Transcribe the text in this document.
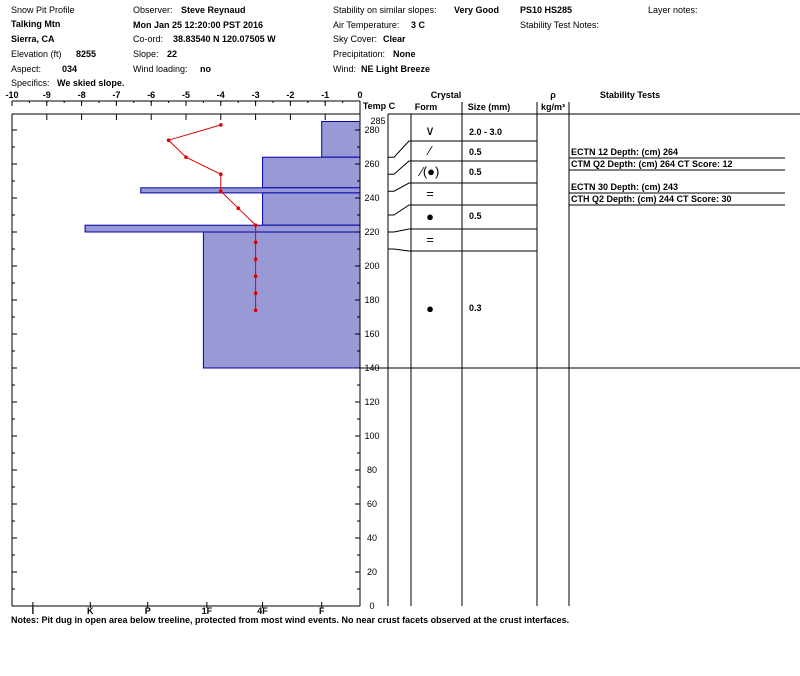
Snow Pit Profile
Talking Mtn
Sierra, CA
Elevation (ft) 8255
Aspect: 034
Specifics: We skied slope.
Observer: Steve Reynaud
Mon Jan 25 12:20:00 PST 2016
Co-ord: 38.83540 N 120.07505 W
Slope: 22
Wind loading: no
Stability on similar slopes: Very Good
Air Temperature: 3 C
Sky Cover: Clear
Precipitation: None
Wind: NE Light Breeze
PS10 HS285
Stability Test Notes:
Layer notes:
-10	-9	-8	-7	-6	-5	-4	-3	-2	-1	0
I	K	P	1F	4F	F	0
20
40
60
80
100
120
140
160
180
200
220
240
260
280
285
Temp C
Crystal
Form	Size (mm)
ρ
kg/m³
Stability Tests
∨	2.0 - 3.0
∕	0.5
∕(●)	0.5
=
●	0.5
=
●	0.3
ECTN 12 Depth: (cm) 264
CTM Q2 Depth: (cm) 264 CT Score: 12
ECTN 30 Depth: (cm) 243
CTH Q2 Depth: (cm) 244 CT Score: 30
Notes: Pit dug in open area below treeline, protected from most wind events. No near crust facets observed at the crust interfaces.
